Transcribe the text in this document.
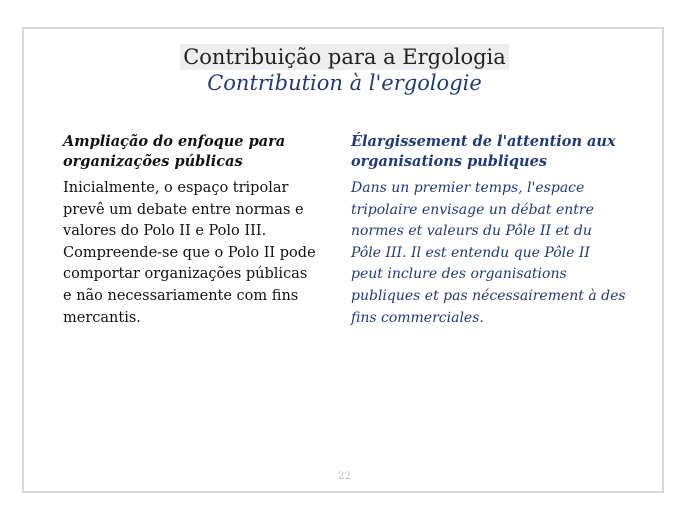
Contribuição para a Ergologia
Contribution à l'ergologie

Ampliação do enfoque para organizações públicas

Inicialmente, o espaço tripolar prevê um debate entre normas e valores do Polo II e Polo III. Compreende-se que o Polo II pode comportar organizações públicas e não necessariamente com fins mercantis.

Élargissement de l'attention aux organisations publiques

Dans un premier temps, l'espace tripolaire envisage un débat entre normes et valeurs du Pôle II et du Pôle III. Il est entendu que Pôle II peut inclure des organisations publiques et pas nécessairement à des fins commerciales.
22
